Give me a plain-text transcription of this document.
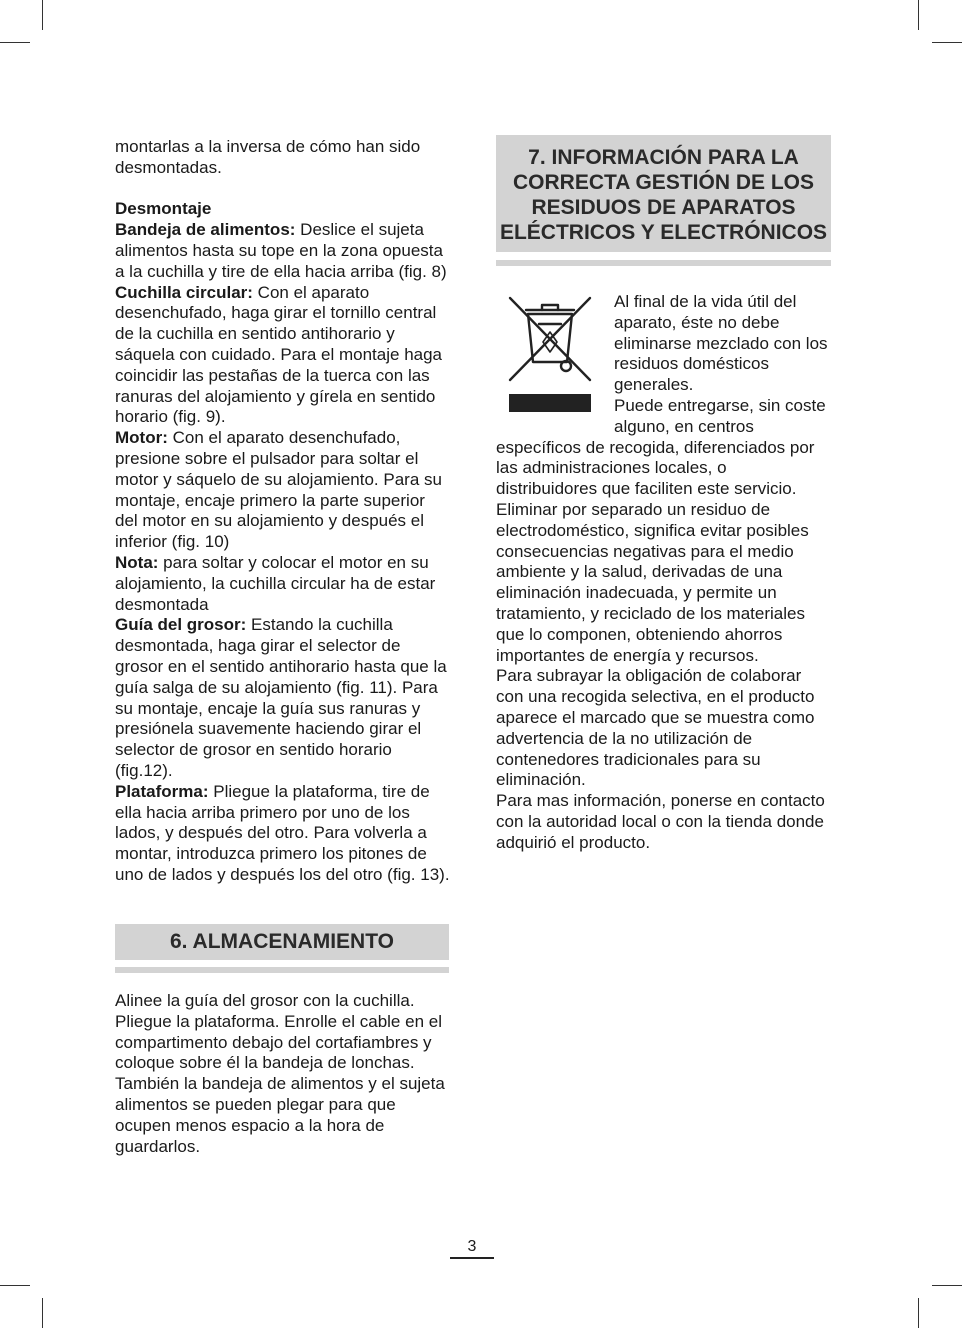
montarlas a la inversa de cómo han sido desmontadas.

Desmontaje

Bandeja de alimentos: Deslice el sujeta alimentos hasta su tope en la zona opuesta a la cuchilla y tire de ella hacia arriba (fig. 8)

Cuchilla circular: Con el aparato desenchufado, haga girar el tornillo central de la cuchilla en sentido antihorario y sáquela con cuidado. Para el montaje haga coincidir las pestañas de la tuerca con las ranuras del alojamiento y gírela en sentido horario (fig. 9).

Motor: Con el aparato desenchufado, presione sobre el pulsador para soltar el motor y sáquelo de su alojamiento. Para su montaje, encaje primero la parte superior del motor en su alojamiento y después el inferior (fig. 10)

Nota: para soltar y colocar el motor en su alojamiento, la cuchilla circular ha de estar desmontada

Guía del grosor: Estando la cuchilla desmontada, haga girar el selector de grosor en el sentido antihorario hasta que la guía salga de su alojamiento (fig. 11). Para su montaje, encaje la guía sus ranuras y presiónela suavemente haciendo girar el selector de grosor en sentido horario (fig.12).

Plataforma: Pliegue la plataforma, tire de ella hacia arriba primero por uno de los lados, y después del otro. Para volverla a montar, introduzca primero los pitones de uno de lados y después los del otro (fig. 13).

6. ALMACENAMIENTO
Alinee la guía del grosor con la cuchilla. Pliegue la plataforma. Enrolle el cable en el compartimento debajo del cortafiambres y coloque sobre él la bandeja de lonchas. También la bandeja de alimentos y el sujeta alimentos se pueden plegar para que ocupen menos espacio a la hora de guardarlos.
7. INFORMACIÓN PARA LA
CORRECTA GESTIÓN DE LOS
RESIDUOS DE APARATOS
ELÉCTRICOS Y ELECTRÓNICOS

Al final de la vida útil del aparato, éste no debe eliminarse mezclado con los residuos domésticos generales.

Puede entregarse, sin coste alguno, en centros específicos de recogida, diferenciados por las administraciones locales, o distribuidores que faciliten este servicio.

Eliminar por separado un residuo de electrodoméstico, significa evitar posibles consecuencias negativas para el medio ambiente y la salud, derivadas de una eliminación inadecuada, y permite un tratamiento, y reciclado de los materiales que lo componen, obteniendo ahorros importantes de energía y recursos.

Para subrayar la obligación de colaborar con una recogida selectiva, en el producto aparece el marcado que se muestra como advertencia de la no utilización de contenedores tradicionales para su eliminación.

Para mas información, ponerse en contacto con la autoridad local o con la tienda donde adquirió el producto.

3
